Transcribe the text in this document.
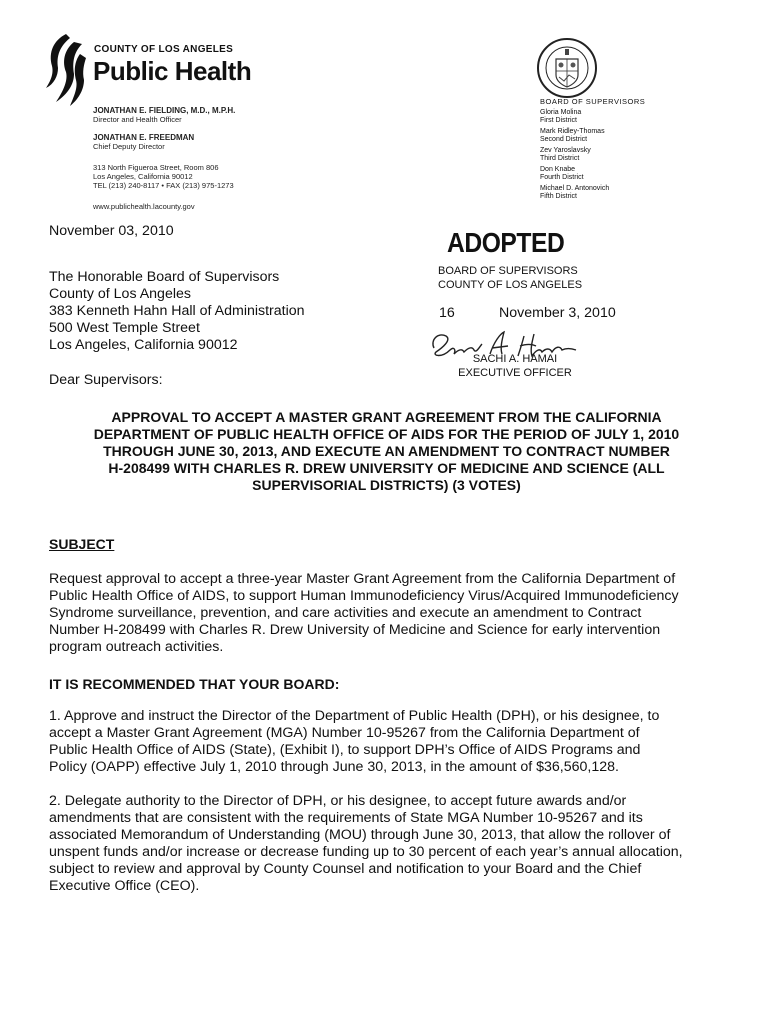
COUNTY OF LOS ANGELES
Public Health
JONATHAN E. FIELDING, M.D., M.P.H.
Director and Health Officer
JONATHAN E. FREEDMAN
Chief Deputy Director
313 North Figueroa Street, Room 806
Los Angeles, California 90012
TEL (213) 240-8117 • FAX (213) 975-1273
www.publichealth.lacounty.gov
BOARD OF SUPERVISORS
Gloria Molina
First District
Mark Ridley-Thomas
Second District
Zev Yaroslavsky
Third District
Don Knabe
Fourth District
Michael D. Antonovich
Fifth District
November 03, 2010
The Honorable Board of Supervisors
County of Los Angeles
383 Kenneth Hahn Hall of Administration
500 West Temple Street
Los Angeles, California 90012
Dear Supervisors:
ADOPTED
BOARD OF SUPERVISORS
COUNTY OF LOS ANGELES
16	November 3, 2010
SACHI A. HAMAI
EXECUTIVE OFFICER
APPROVAL TO ACCEPT A MASTER GRANT AGREEMENT FROM THE CALIFORNIA
DEPARTMENT OF PUBLIC HEALTH OFFICE OF AIDS FOR THE PERIOD OF JULY 1, 2010
THROUGH JUNE 30, 2013, AND EXECUTE AN AMENDMENT TO CONTRACT NUMBER
H-208499 WITH CHARLES R. DREW UNIVERSITY OF MEDICINE AND SCIENCE (ALL
SUPERVISORIAL DISTRICTS) (3 VOTES)
SUBJECT
Request approval to accept a three-year Master Grant Agreement from the California Department of
Public Health Office of AIDS, to support Human Immunodeficiency Virus/Acquired Immunodeficiency
Syndrome surveillance, prevention, and care activities and execute an amendment to Contract
Number H-208499 with Charles R. Drew University of Medicine and Science for early intervention
program outreach activities.
IT IS RECOMMENDED THAT YOUR BOARD:
1. Approve and instruct the Director of the Department of Public Health (DPH), or his designee, to
accept a Master Grant Agreement (MGA) Number 10-95267 from the California Department of
Public Health Office of AIDS (State), (Exhibit I), to support DPH’s Office of AIDS Programs and
Policy (OAPP) effective July 1, 2010 through June 30, 2013, in the amount of $36,560,128.
2. Delegate authority to the Director of DPH, or his designee, to accept future awards and/or
amendments that are consistent with the requirements of State MGA Number 10-95267 and its
associated Memorandum of Understanding (MOU) through June 30, 2013, that allow the rollover of
unspent funds and/or increase or decrease funding up to 30 percent of each year’s annual allocation,
subject to review and approval by County Counsel and notification to your Board and the Chief
Executive Office (CEO).
